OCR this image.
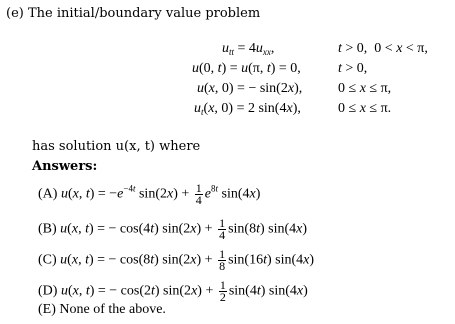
(e) The initial/boundary value problem
$u_{tt} = 4u_{xx}$,	t > 0,  0 < x < π,
u(0, t) = u(π, t) = 0,	t > 0,
u(x, 0) = − sin(2x),	0 ≤ x ≤ π,
$u_t(x$, 0) = 2 sin(4x),	0 ≤ x ≤ π.
has solution u(x, t) where
Answers:
(A) u(x, $t) = -e^{-4t}$ $\sin(2x) + \frac{1}{4} e^{8t}$ sin(4x)
(B) u(x, t) = − cos(4t) $\sin(2x) + \frac{1}{4} \sin(8t)$ sin(4x)
(C) u(x, t) = − cos(8t) $\sin(2x) + \frac{1}{8} \sin(16t)$ sin(4x)
(D) u(x, t) = − cos(2t) $\sin(2x) + \frac{1}{2} \sin(4t)$ sin(4x)
(E) None of the above.
